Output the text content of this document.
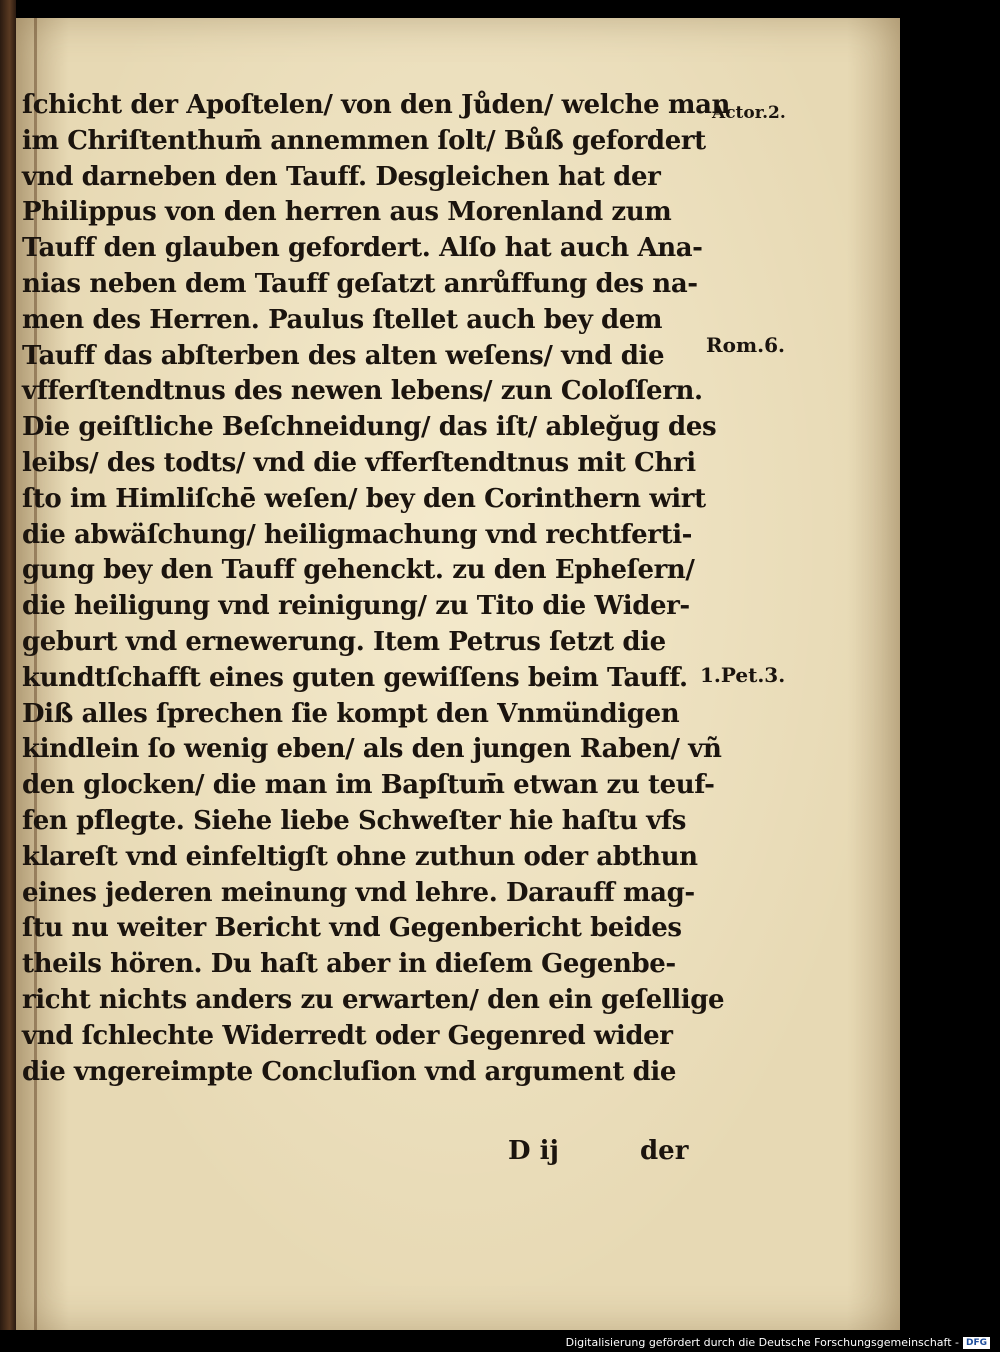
ſchicht der Apoſtelen/ von den Jůden/ welche man
im Chriſtenthum̄ annemmen ſolt/ Bůß gefordert
vnd darneben den Tauff. Desgleichen hat der
Philippus von den herren aus Morenland zum
Tauff den glauben gefordert. Alſo hat auch Ana-
nias neben dem Tauff geſatzt anrůffung des na-
men des Herren. Paulus ſtellet auch bey dem
Tauff das abſterben des alten weſens/ vnd die
vfferſtendtnus des newen lebens/ zun Coloſſern.
Die geiſtliche Beſchneidung/ das iſt/ ableğug des
leibs/ des todts/ vnd die vfferſtendtnus mit Chri
ſto im Himliſchē weſen/ bey den Corinthern wirt
die abwäſchung/ heiligmachung vnd rechtferti-
gung bey den Tauff gehenckt. zu den Epheſern/
die heiligung vnd reinigung/ zu Tito die Wider-
geburt vnd ernewerung. Item Petrus ſetzt die
kundtſchafft eines guten gewiſſens beim Tauff.
Diß alles ſprechen ſie kompt den Vnmündigen
kindlein ſo wenig eben/ als den jungen Raben/ vñ
den glocken/ die man im Bapſtum̄ etwan zu teuf-
fen pflegte. Siehe liebe Schweſter hie haſtu vfs
klareſt vnd einfeltigſt ohne zuthun oder abthun
eines jederen meinung vnd lehre. Darauff mag-
ſtu nu weiter Bericht vnd Gegenbericht beides
theils hören. Du haſt aber in dieſem Gegenbe-
richt nichts anders zu erwarten/ den ein geſellige
vnd ſchlechte Widerredt oder Gegenred wider
die vngereimpte Concluſion vnd argument die
D ij	der
Actor.2.
Rom.6.
1.Pet.3.
Digitalisierung gefördert durch die Deutsche Forschungsgemeinschaft - DFG
